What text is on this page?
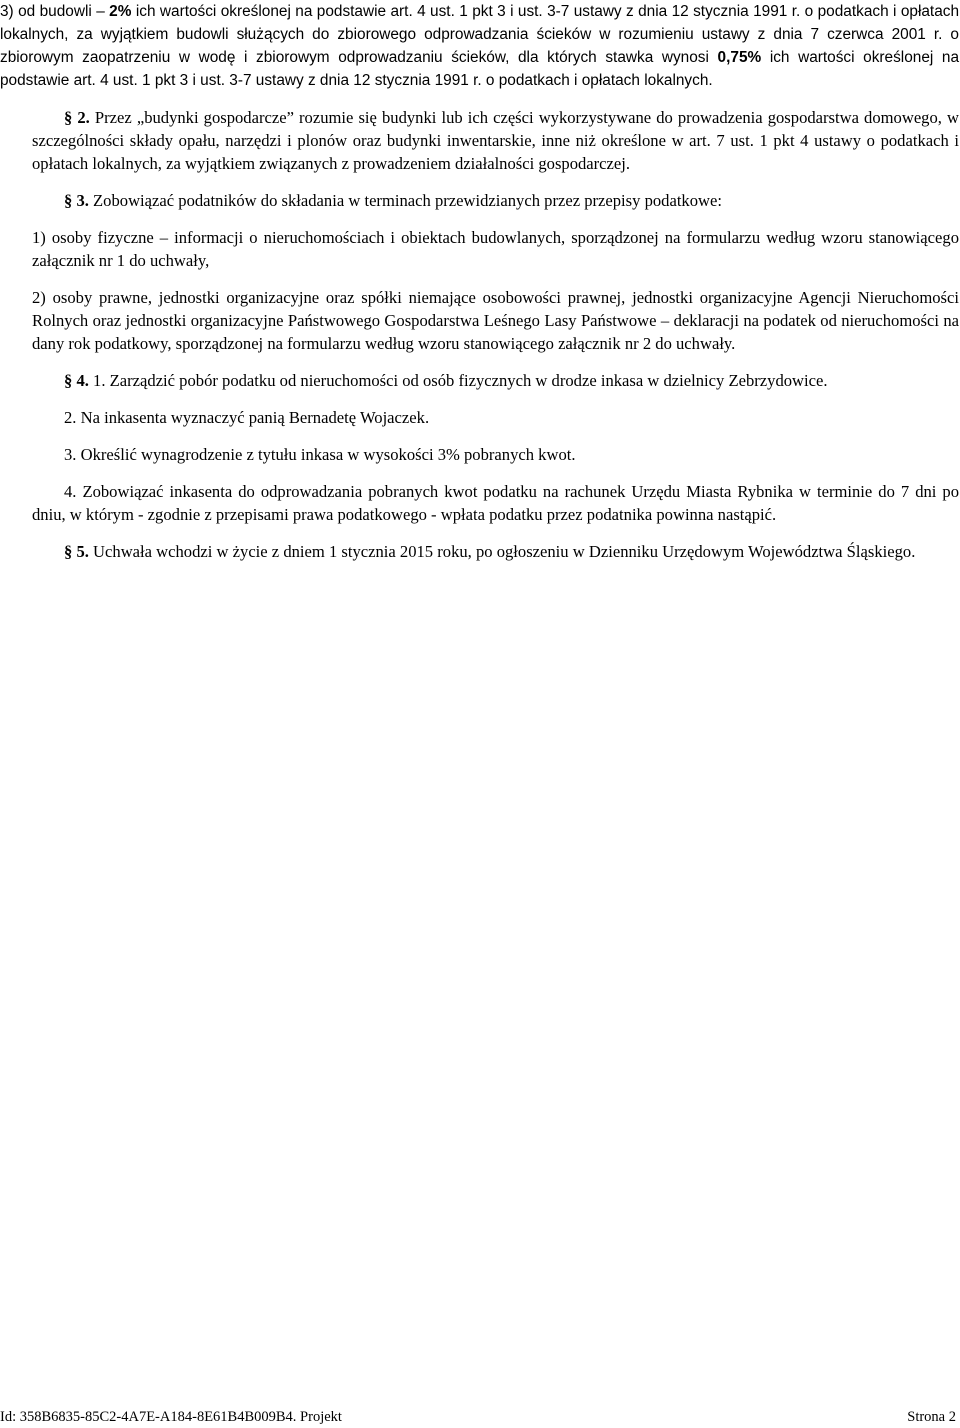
3) od budowli – 2% ich wartości określonej na podstawie art. 4 ust. 1 pkt 3 i ust. 3-7 ustawy z dnia 12 stycznia 1991 r. o podatkach i opłatach lokalnych, za wyjątkiem budowli służących do zbiorowego odprowadzania ścieków w rozumieniu ustawy z dnia 7 czerwca 2001 r. o zbiorowym zaopatrzeniu w wodę i zbiorowym odprowadzaniu ścieków, dla których stawka wynosi 0,75% ich wartości określonej na podstawie art. 4 ust. 1 pkt 3 i ust. 3-7 ustawy z dnia 12 stycznia 1991 r. o podatkach i opłatach lokalnych.

§ 2. Przez „budynki gospodarcze” rozumie się budynki lub ich części wykorzystywane do prowadzenia gospodarstwa domowego, w szczególności składy opału, narzędzi i plonów oraz budynki inwentarskie, inne niż określone w art. 7 ust. 1 pkt 4 ustawy o podatkach i opłatach lokalnych, za wyjątkiem związanych z prowadzeniem działalności gospodarczej.

§ 3. Zobowiązać podatników do składania w terminach przewidzianych przez przepisy podatkowe:

1) osoby fizyczne – informacji o nieruchomościach i obiektach budowlanych, sporządzonej na formularzu według wzoru stanowiącego załącznik nr 1 do uchwały,

2) osoby prawne, jednostki organizacyjne oraz spółki niemające osobowości prawnej, jednostki organizacyjne Agencji Nieruchomości Rolnych oraz jednostki organizacyjne Państwowego Gospodarstwa Leśnego Lasy Państwowe – deklaracji na podatek od nieruchomości na dany rok podatkowy, sporządzonej na formularzu według wzoru stanowiącego załącznik nr 2 do uchwały.

§ 4. 1. Zarządzić pobór podatku od nieruchomości od osób fizycznych w drodze inkasa w dzielnicy Zebrzydowice.

2. Na inkasenta wyznaczyć panią Bernadetę Wojaczek.

3. Określić wynagrodzenie z tytułu inkasa w wysokości 3% pobranych kwot.

4. Zobowiązać inkasenta do odprowadzania pobranych kwot podatku na rachunek Urzędu Miasta Rybnika w terminie do 7 dni po dniu, w którym - zgodnie z przepisami prawa podatkowego - wpłata podatku przez podatnika powinna nastąpić.

§ 5. Uchwała wchodzi w życie z dniem 1 stycznia 2015 roku, po ogłoszeniu w Dzienniku Urzędowym Województwa Śląskiego.

Id: 358B6835-85C2-4A7E-A184-8E61B4B009B4. Projekt	Strona 2
